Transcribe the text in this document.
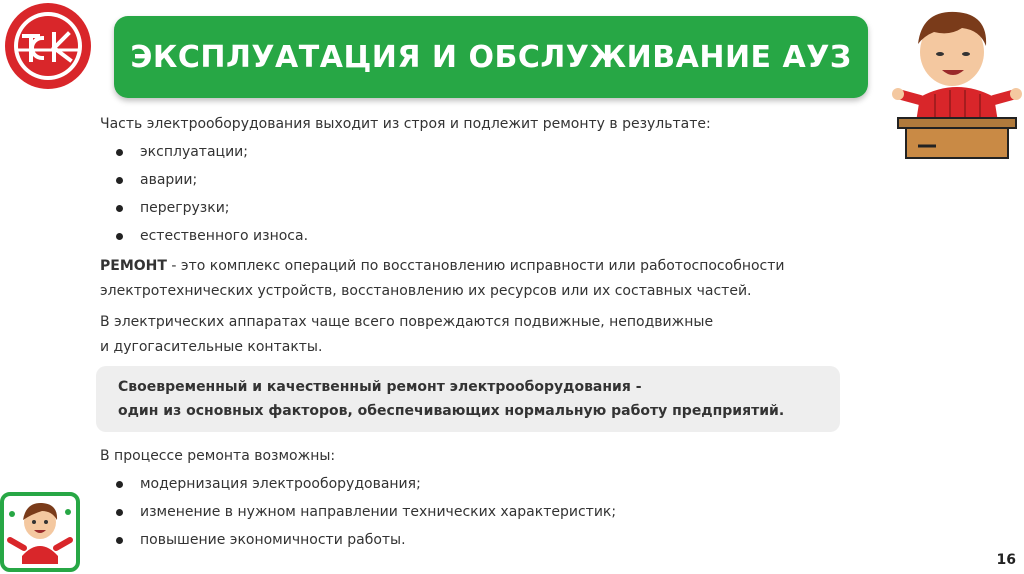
ЭКСПЛУАТАЦИЯ И ОБСЛУЖИВАНИЕ АУЗ

Часть электрооборудования выходит из строя и подлежит ремонту в результате:

эксплуатации;
аварии;
перегрузки;
естественного износа.

РЕМОНТ - это комплекс операций по восстановлению исправности или работоспособности электротехнических устройств, восстановлению их ресурсов или их составных частей.

В электрических аппаратах чаще всего повреждаются подвижные, неподвижные
и дугогасительные контакты.

Своевременный и качественный ремонт электрооборудования -
один из основных факторов, обеспечивающих нормальную работу предприятий.

В процессе ремонта возможны:

модернизация электрооборудования;
изменение в нужном направлении технических характеристик;
повышение экономичности работы.
16
